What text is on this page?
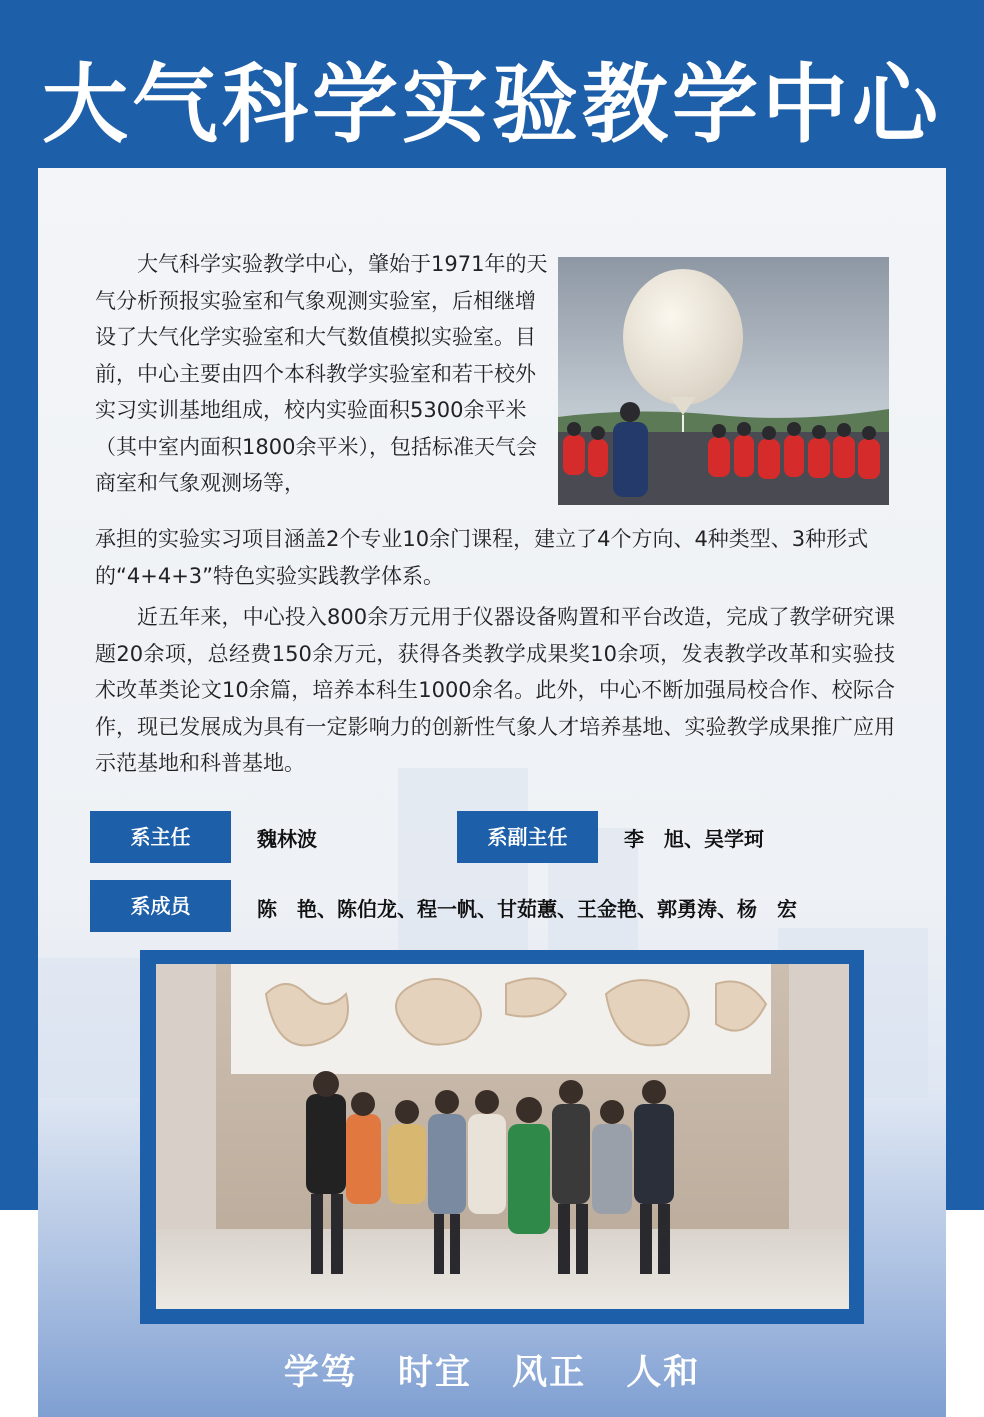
大气科学实验教学中心
大气科学实验教学中心，肇始于1971年的天气分析预报实验室和气象观测实验室，后相继增设了大气化学实验室和大气数值模拟实验室。目前，中心主要由四个本科教学实验室和若干校外实习实训基地组成，校内实验面积5300余平米（其中室内面积1800余平米），包括标准天气会商室和气象观测场等，
承担的实验实习项目涵盖2个专业10余门课程，建立了4个方向、4种类型、3种形式的“4+4+3”特色实验实践教学体系。
近五年来，中心投入800余万元用于仪器设备购置和平台改造，完成了教学研究课题20余项，总经费150余万元，获得各类教学成果奖10余项，发表教学改革和实验技术改革类论文10余篇，培养本科生1000余名。此外，中心不断加强局校合作、校际合作，现已发展成为具有一定影响力的创新性气象人才培养基地、实验教学成果推广应用示范基地和科普基地。
系主任	魏林波	系副主任	李　旭、吴学珂
系成员	陈　艳、陈伯龙、程一帆、甘茹蕙、王金艳、郭勇涛、杨　宏
学笃 时宜 风正 人和
